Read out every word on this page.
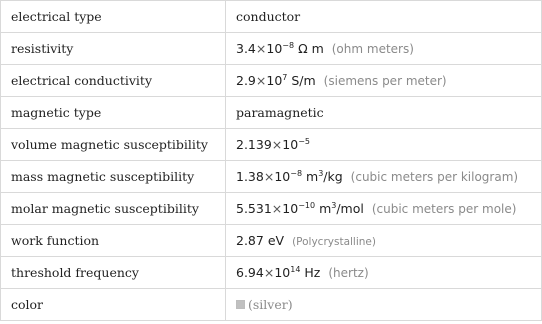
electrical type	conductor
resistivity	$3.4\times 10^{-8}$ Ω m (ohm meters)
electrical conductivity	$2.9\times 10^7$ S/m (siemens per meter)
magnetic type	paramagnetic
volume magnetic susceptibility	$2.139\times 10^{-5}$
mass magnetic susceptibility	$1.38\times 10^{-8}$ $m^3/kg$ (cubic meters per kilogram)
molar magnetic susceptibility	$5.531\times 10^{-10}$ $m^3$/mol (cubic meters per mole)
work function	2.87 eV (Polycrystalline)
threshold frequency	$6.94\times 10^{14}$ Hz (hertz)
color	(silver)
